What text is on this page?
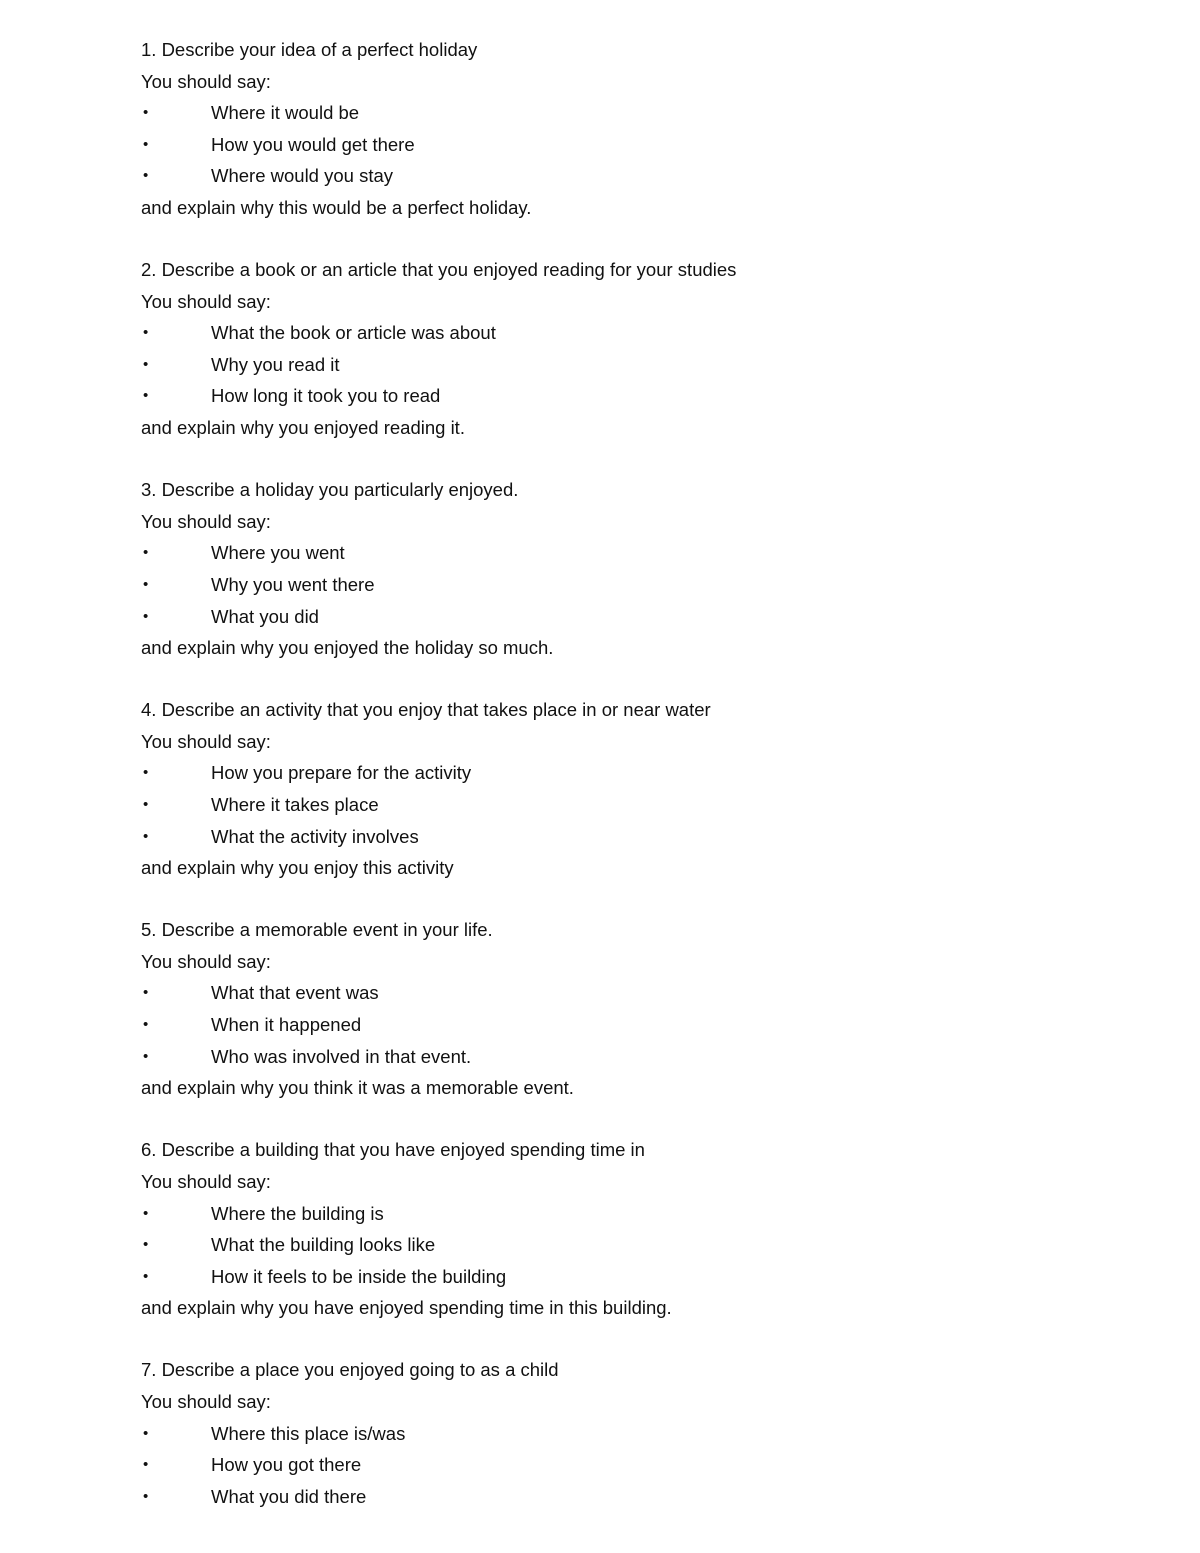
1. Describe your idea of a perfect holiday
You should say:
•	Where it would be
•	How you would get there
•	Where would you stay
and explain why this would be a perfect holiday.
2. Describe a book or an article that you enjoyed reading for your studies
You should say:
•	What the book or article was about
•	Why you read it
•	How long it took you to read
and explain why you enjoyed reading it.
3. Describe a holiday you particularly enjoyed.
You should say:
•	Where you went
•	Why you went there
•	What you did
and explain why you enjoyed the holiday so much.
4. Describe an activity that you enjoy that takes place in or near water
You should say:
•	How you prepare for the activity
•	Where it takes place
•	What the activity involves
and explain why you enjoy this activity
5. Describe a memorable event in your life.
You should say:
•	What that event was
•	When it happened
•	Who was involved in that event.
and explain why you think it was a memorable event.
6. Describe a building that you have enjoyed spending time in
You should say:
•	Where the building is
•	What the building looks like
•	How it feels to be inside the building
and explain why you have enjoyed spending time in this building.
7. Describe a place you enjoyed going to as a child
You should say:
•	Where this place is/was
•	How you got there
•	What you did there
